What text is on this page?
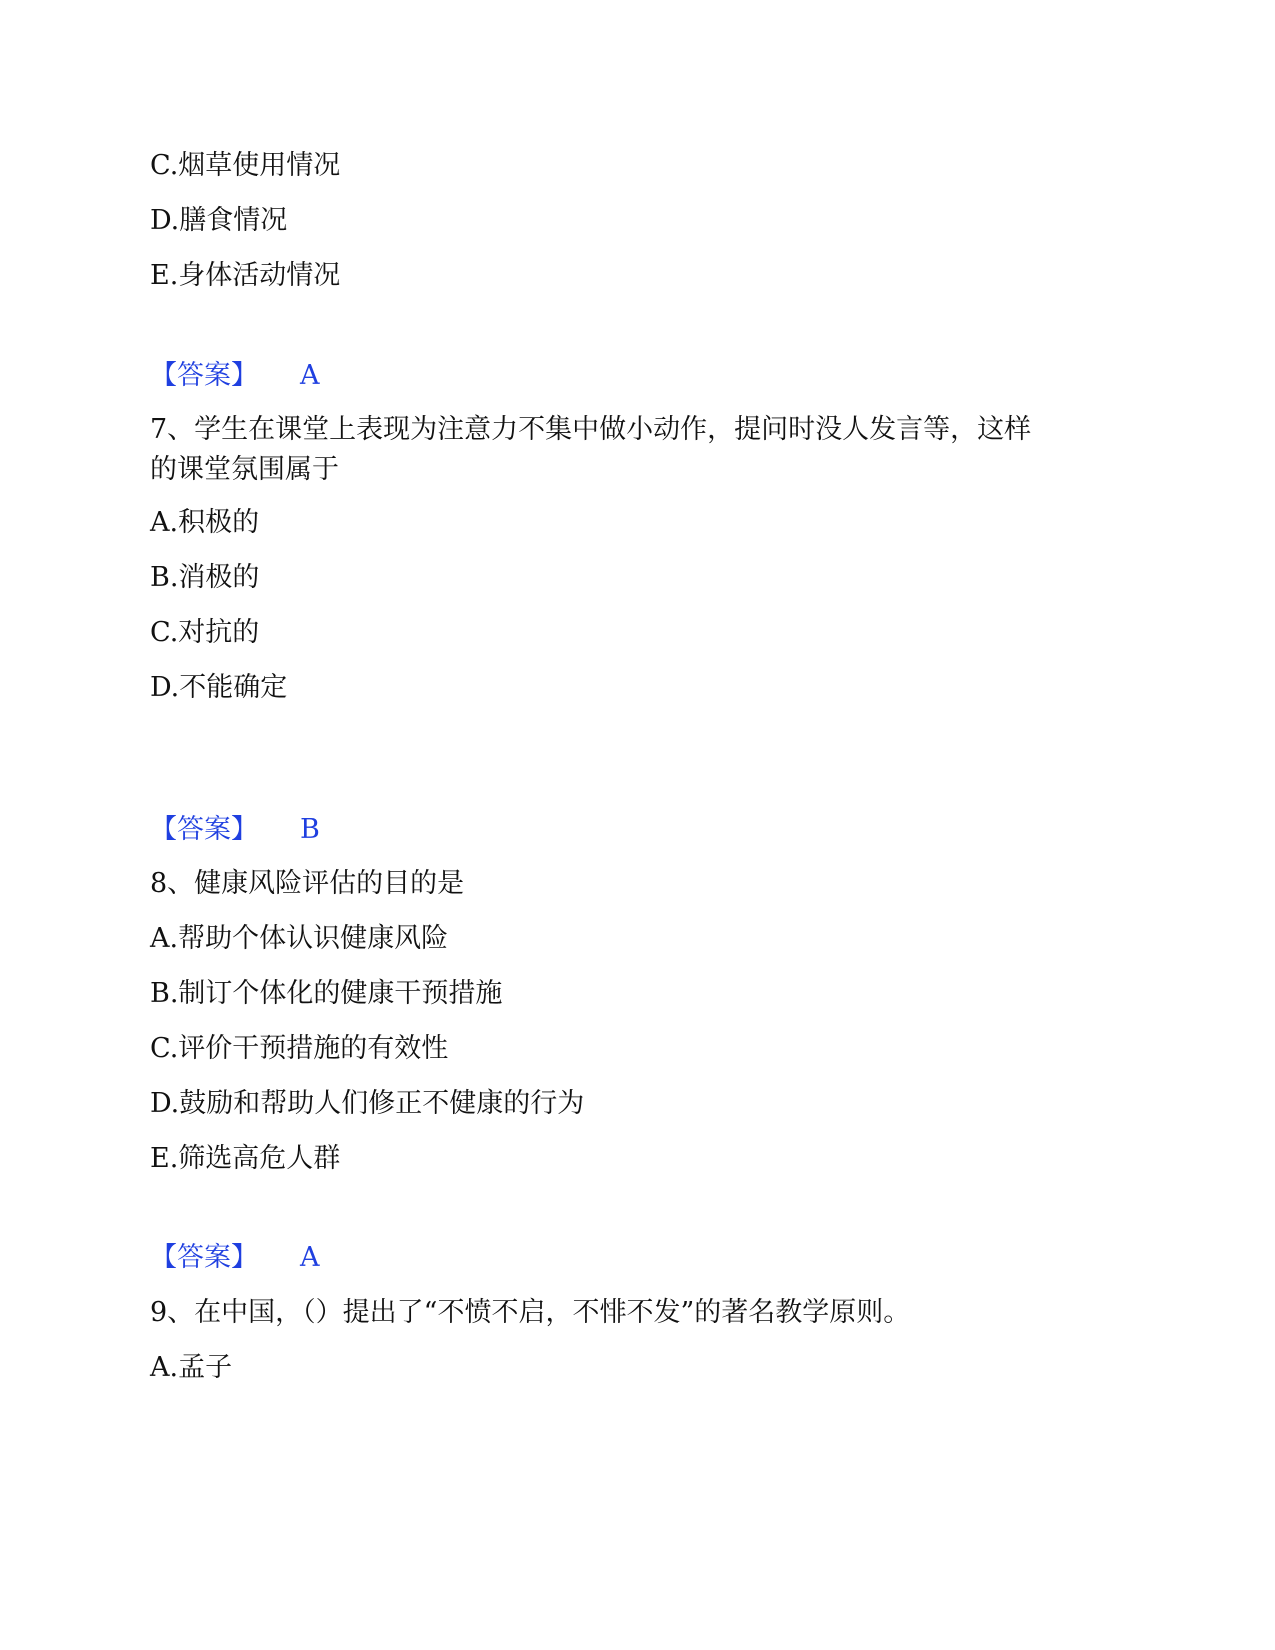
C.烟草使用情况
D.膳食情况
E.身体活动情况
【答案】 A
7、学生在课堂上表现为注意力不集中做小动作，提问时没人发言等，这样
的课堂氛围属于
A.积极的
B.消极的
C.对抗的
D.不能确定
【答案】 B
8、健康风险评估的目的是
A.帮助个体认识健康风险
B.制订个体化的健康干预措施
C.评价干预措施的有效性
D.鼓励和帮助人们修正不健康的行为
E.筛选高危人群
【答案】 A
9、在中国，（）提出了“不愤不启，不悱不发”的著名教学原则。
A.孟子
